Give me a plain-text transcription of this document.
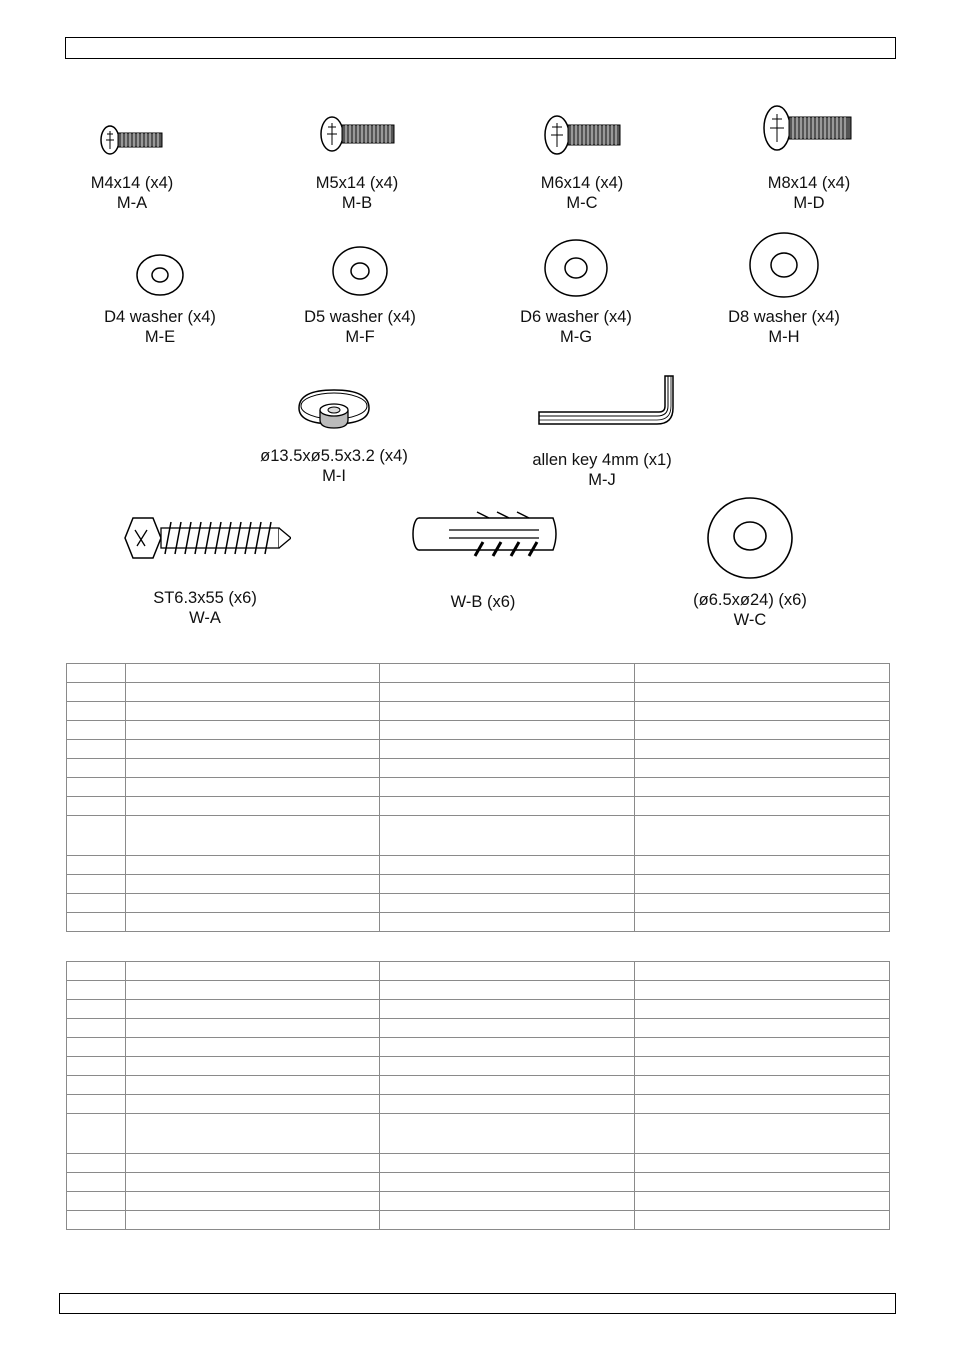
M4x14 (x4)
M-A
M5x14 (x4)
M-B
M6x14 (x4)
M-C
M8x14 (x4)
M-D
D4 washer (x4)
M-E
D5 washer (x4)
M-F
D6 washer (x4)
M-G
D8 washer (x4)
M-H
ø13.5xø5.5x3.2 (x4)
M-I
allen key 4mm (x1)
M-J
ST6.3x55 (x6)
W-A
W-B (x6)	(ø6.5xø24) (x6)
W-C
